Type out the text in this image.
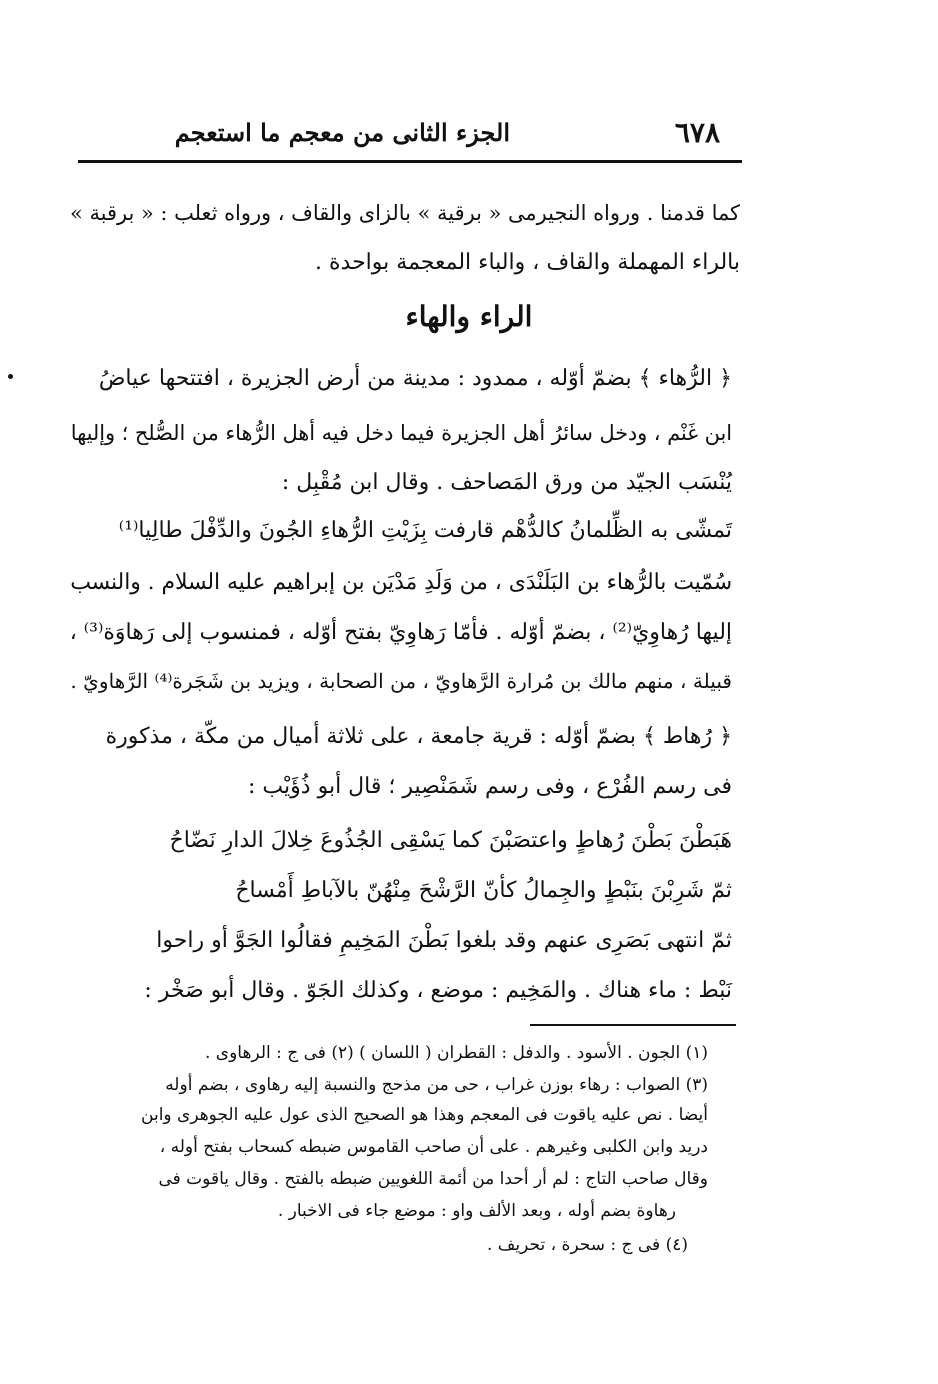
٦٧٨
الجزء الثانى من معجم ما استعجم
كما قدمنا . ورواه النجيرمى « برقية » بالزاى والقاف ، ورواه ثعلب : « برقبة »
بالراء المهملة والقاف ، والباء المعجمة بواحدة .
الراء والهاء
﴿ الرُّهاء ﴾ بضمّ أوّله ، ممدود : مدينة من أرض الجزيرة ، افتتحها عياضُ
ابن غَنْم ، ودخل سائرُ أهل الجزيرة فيما دخل فيه أهل الرُّهاء من الصُّلح ؛ وإليها
يُنْسَب الجيّد من ورق المَصاحف . وقال ابن مُقْبِل :
تَمشّى به الظِّلمانُ كالدُّهْم قارفت بِزَيْتِ الرُّهاءِ الجُونَ والدِّفْلَ طالِيا⁽¹⁾
سُمّيت بالرُّهاء بن البَلَنْدَى ، من وَلَدِ مَدْيَن بن إبراهيم عليه السلام . والنسب
إليها رُهاوِيّ⁽²⁾ ، بضمّ أوّله . فأمّا رَهاوِيّ بفتح أوّله ، فمنسوب إلى رَهاوَة⁽³⁾ ،
قبيلة ، منهم مالك بن مُرارة الرَّهاويّ ، من الصحابة ، ويزيد بن شَجَرة⁽⁴⁾ الرَّهاويّ .
﴿ رُهاط ﴾ بضمّ أوّله : قرية جامعة ، على ثلاثة أميال من مكّة ، مذكورة
فى رسم الفُرْع ، وفى رسم شَمَنْصِير ؛ قال أبو ذُؤَيْب :
هَبَطْنَ بَطْنَ رُهاطٍ واعتصَبْنَ كما يَسْقِى الجُذُوعَ خِلالَ الدارِ نَضّاحُ
ثمّ شَرِبْنَ بنَبْطٍ والجِمالُ كأنّ الرَّشْحَ مِنْهُنّ بالآباطِ أَمْساحُ
ثمّ انتهى بَصَرِى عنهم وقد بلغوا بَطْنَ المَخِيمِ فقالُوا الجَوَّ أو راحوا
نَبْط : ماء هناك . والمَخِيم : موضع ، وكذلك الجَوّ . وقال أبو صَخْر :
(١) الجون . الأسود . والدفل : القطران ( اللسان ) (٢) فى ج : الرهاوى .
(٣) الصواب : رهاء بوزن غراب ، حى من مذحج والنسبة إليه رهاوى ، بضم أوله
أيضا . نص عليه ياقوت فى المعجم وهذا هو الصحيح الذى عول عليه الجوهرى وابن
دريد وابن الكلبى وغيرهم . على أن صاحب القاموس ضبطه كسحاب بفتح أوله ،
وقال صاحب التاج : لم أر أحدا من أئمة اللغويين ضبطه بالفتح . وقال ياقوت فى
رهاوة بضم أوله ، وبعد الألف واو : موضع جاء فى الاخبار .
(٤) فى ج : سحرة ، تحريف .
